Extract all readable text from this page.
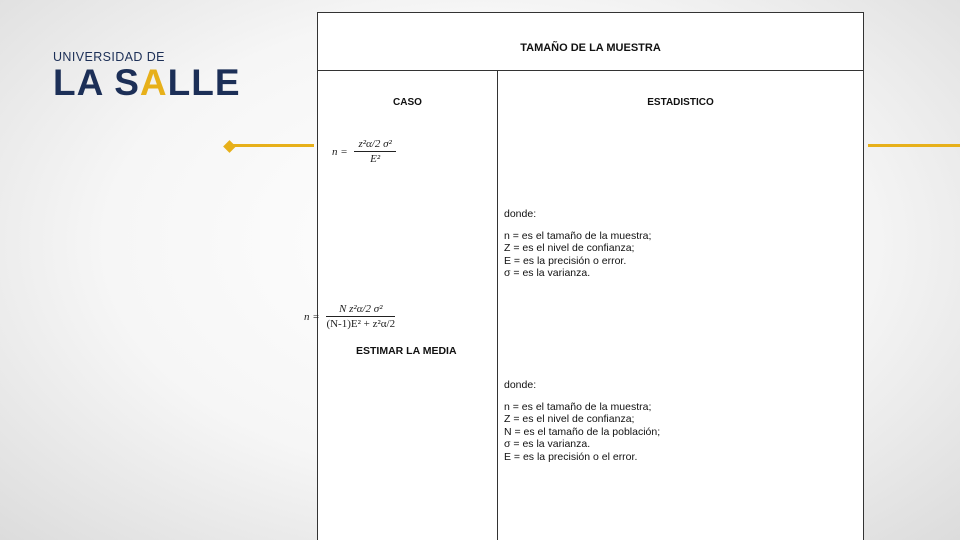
UNIVERSIDAD DE
LA SALLE
TAMAÑO DE LA MUESTRA
CASO	ESTADISTICO
ESTIMAR LA MEDIA
donde:
n = es el tamaño de la muestra;
Z = es el nivel de confianza;
E = es la precisión o error.
σ = es la varianza.
donde:
n = es el tamaño de la muestra;
Z = es el nivel de confianza;
N = es el tamaño de la población;
σ = es la varianza.
E = es la precisión o el error.
$n = \frac{\text{z²α/2 σ²}}{\text{E²}}$
$n = \frac{\text{N z²α/2 σ²}}{\text{(N-1)E² + z²α/2}}$
